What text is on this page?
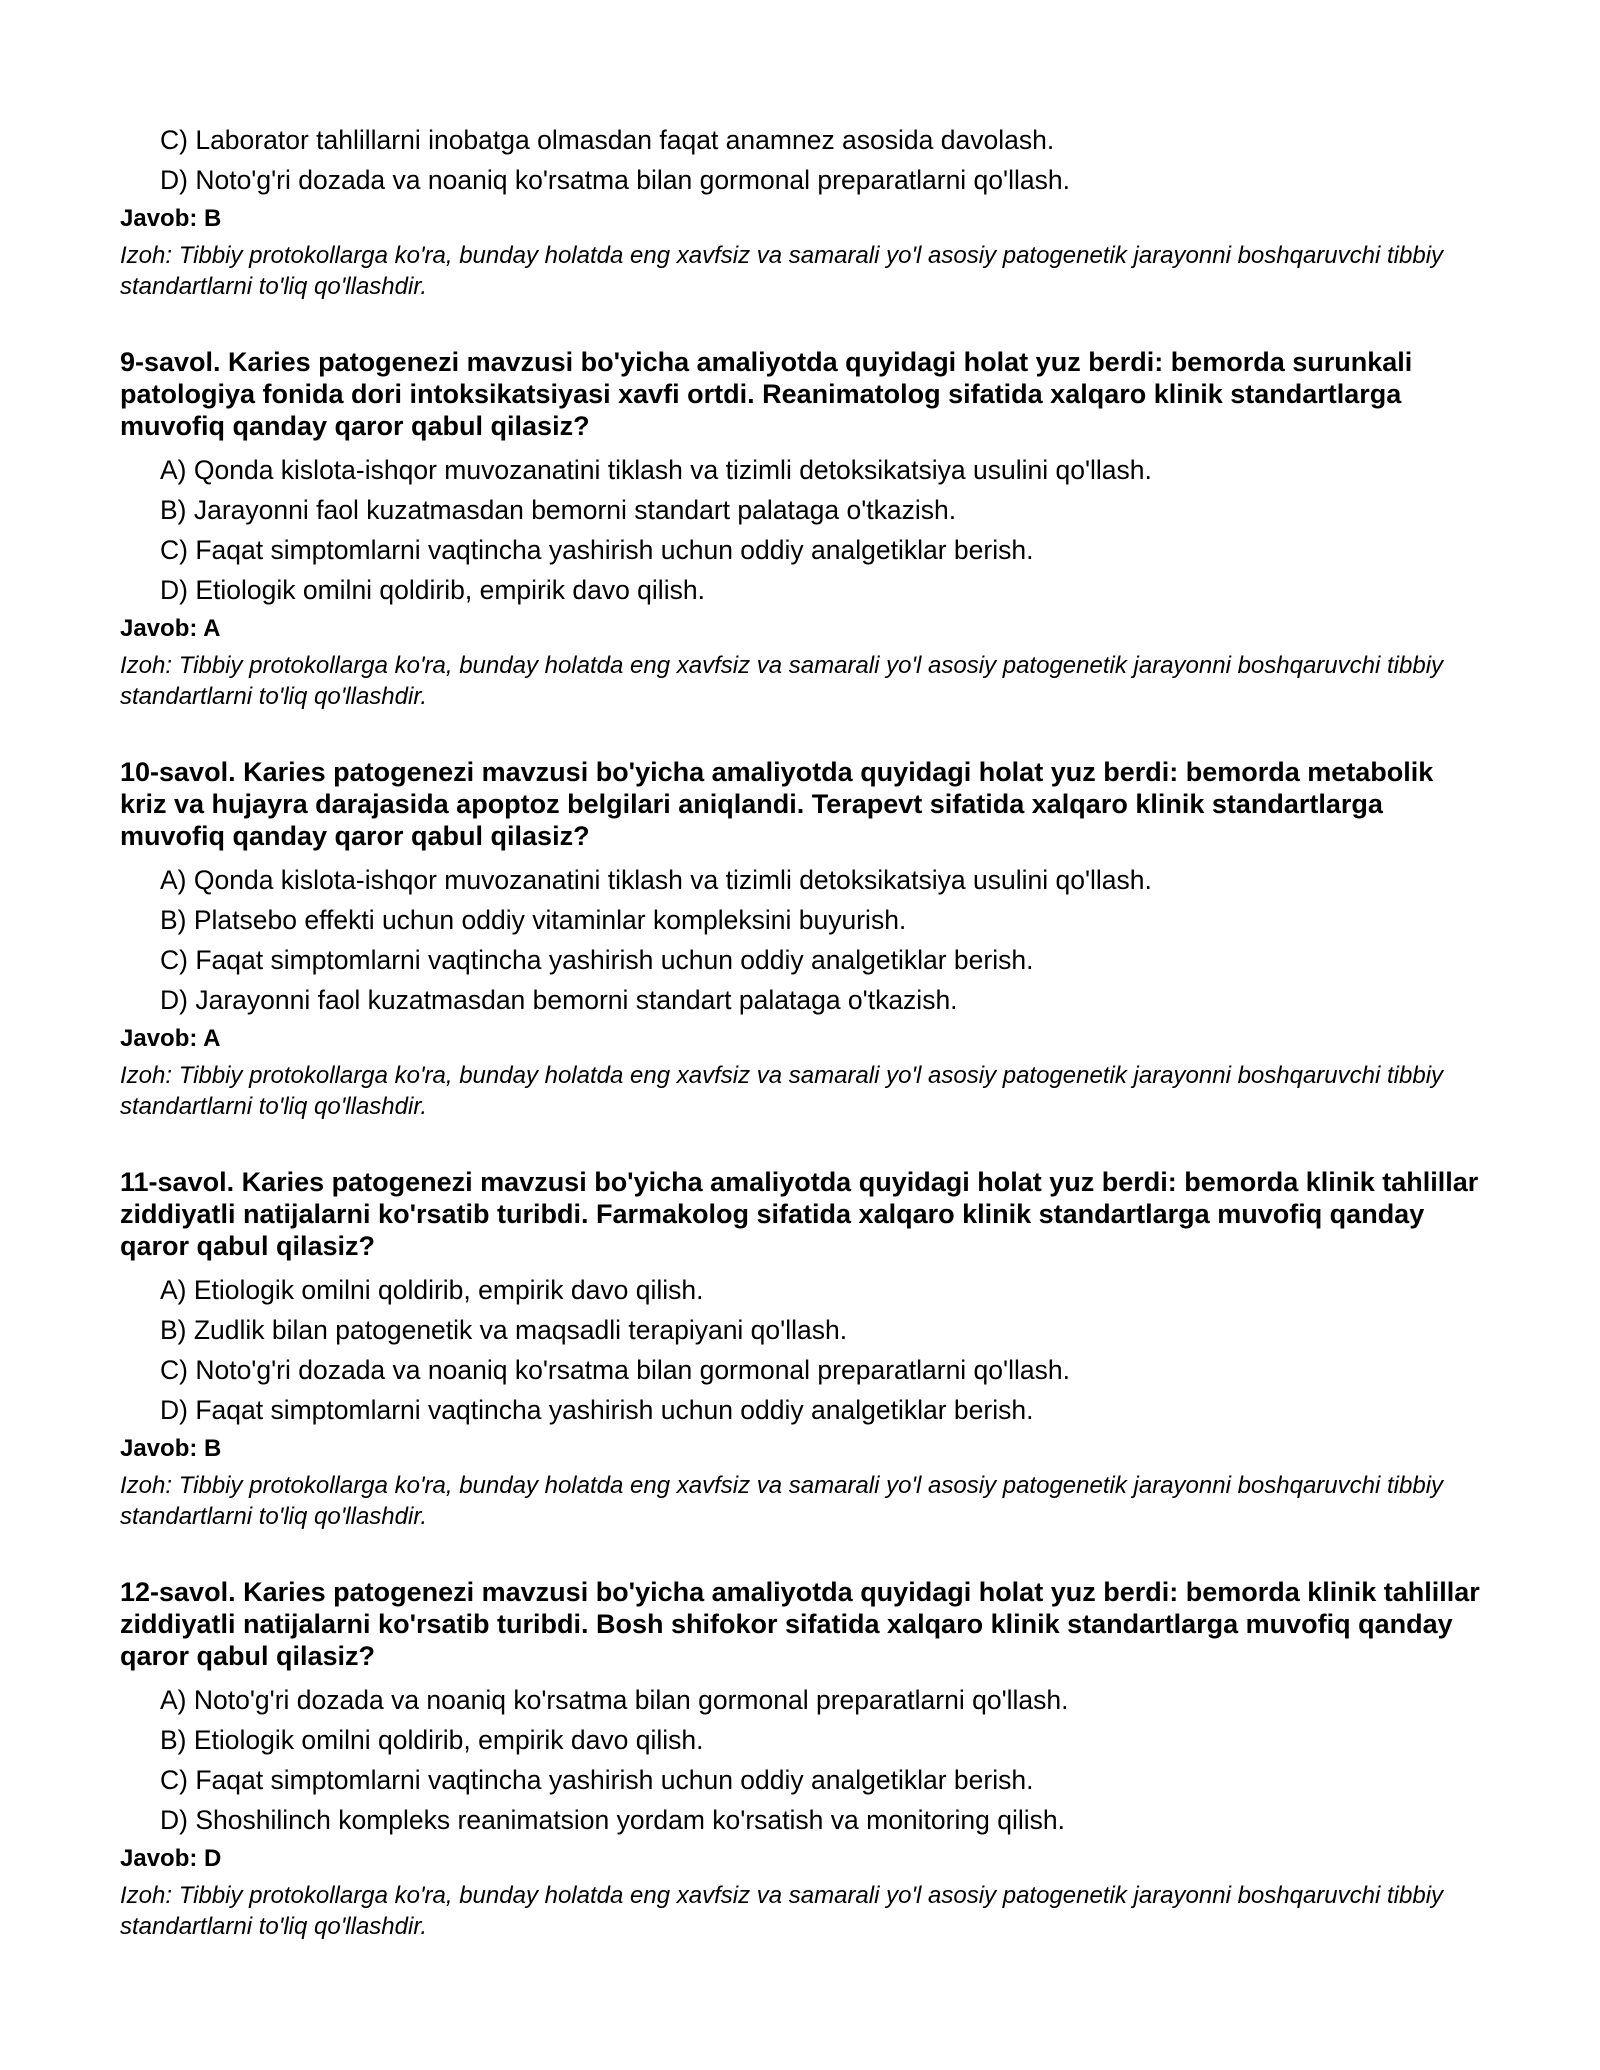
C) Laborator tahlillarni inobatga olmasdan faqat anamnez asosida davolash.
D) Noto'g'ri dozada va noaniq ko'rsatma bilan gormonal preparatlarni qo'llash.
Javob: B
Izoh: Tibbiy protokollarga ko'ra, bunday holatda eng xavfsiz va samarali yo'l asosiy patogenetik jarayonni boshqaruvchi tibbiy standartlarni to'liq qo'llashdir.
9-savol. Karies patogenezi mavzusi bo'yicha amaliyotda quyidagi holat yuz berdi: bemorda surunkali patologiya fonida dori intoksikatsiyasi xavfi ortdi. Reanimatolog sifatida xalqaro klinik standartlarga muvofiq qanday qaror qabul qilasiz?
A) Qonda kislota-ishqor muvozanatini tiklash va tizimli detoksikatsiya usulini qo'llash.
B) Jarayonni faol kuzatmasdan bemorni standart palataga o'tkazish.
C) Faqat simptomlarni vaqtincha yashirish uchun oddiy analgetiklar berish.
D) Etiologik omilni qoldirib, empirik davo qilish.
Javob: A
Izoh: Tibbiy protokollarga ko'ra, bunday holatda eng xavfsiz va samarali yo'l asosiy patogenetik jarayonni boshqaruvchi tibbiy standartlarni to'liq qo'llashdir.
10-savol. Karies patogenezi mavzusi bo'yicha amaliyotda quyidagi holat yuz berdi: bemorda metabolik kriz va hujayra darajasida apoptoz belgilari aniqlandi. Terapevt sifatida xalqaro klinik standartlarga muvofiq qanday qaror qabul qilasiz?
A) Qonda kislota-ishqor muvozanatini tiklash va tizimli detoksikatsiya usulini qo'llash.
B) Platsebo effekti uchun oddiy vitaminlar kompleksini buyurish.
C) Faqat simptomlarni vaqtincha yashirish uchun oddiy analgetiklar berish.
D) Jarayonni faol kuzatmasdan bemorni standart palataga o'tkazish.
Javob: A
Izoh: Tibbiy protokollarga ko'ra, bunday holatda eng xavfsiz va samarali yo'l asosiy patogenetik jarayonni boshqaruvchi tibbiy standartlarni to'liq qo'llashdir.
11-savol. Karies patogenezi mavzusi bo'yicha amaliyotda quyidagi holat yuz berdi: bemorda klinik tahlillar ziddiyatli natijalarni ko'rsatib turibdi. Farmakolog sifatida xalqaro klinik standartlarga muvofiq qanday qaror qabul qilasiz?
A) Etiologik omilni qoldirib, empirik davo qilish.
B) Zudlik bilan patogenetik va maqsadli terapiyani qo'llash.
C) Noto'g'ri dozada va noaniq ko'rsatma bilan gormonal preparatlarni qo'llash.
D) Faqat simptomlarni vaqtincha yashirish uchun oddiy analgetiklar berish.
Javob: B
Izoh: Tibbiy protokollarga ko'ra, bunday holatda eng xavfsiz va samarali yo'l asosiy patogenetik jarayonni boshqaruvchi tibbiy standartlarni to'liq qo'llashdir.
12-savol. Karies patogenezi mavzusi bo'yicha amaliyotda quyidagi holat yuz berdi: bemorda klinik tahlillar ziddiyatli natijalarni ko'rsatib turibdi. Bosh shifokor sifatida xalqaro klinik standartlarga muvofiq qanday qaror qabul qilasiz?
A) Noto'g'ri dozada va noaniq ko'rsatma bilan gormonal preparatlarni qo'llash.
B) Etiologik omilni qoldirib, empirik davo qilish.
C) Faqat simptomlarni vaqtincha yashirish uchun oddiy analgetiklar berish.
D) Shoshilinch kompleks reanimatsion yordam ko'rsatish va monitoring qilish.
Javob: D
Izoh: Tibbiy protokollarga ko'ra, bunday holatda eng xavfsiz va samarali yo'l asosiy patogenetik jarayonni boshqaruvchi tibbiy standartlarni to'liq qo'llashdir.
